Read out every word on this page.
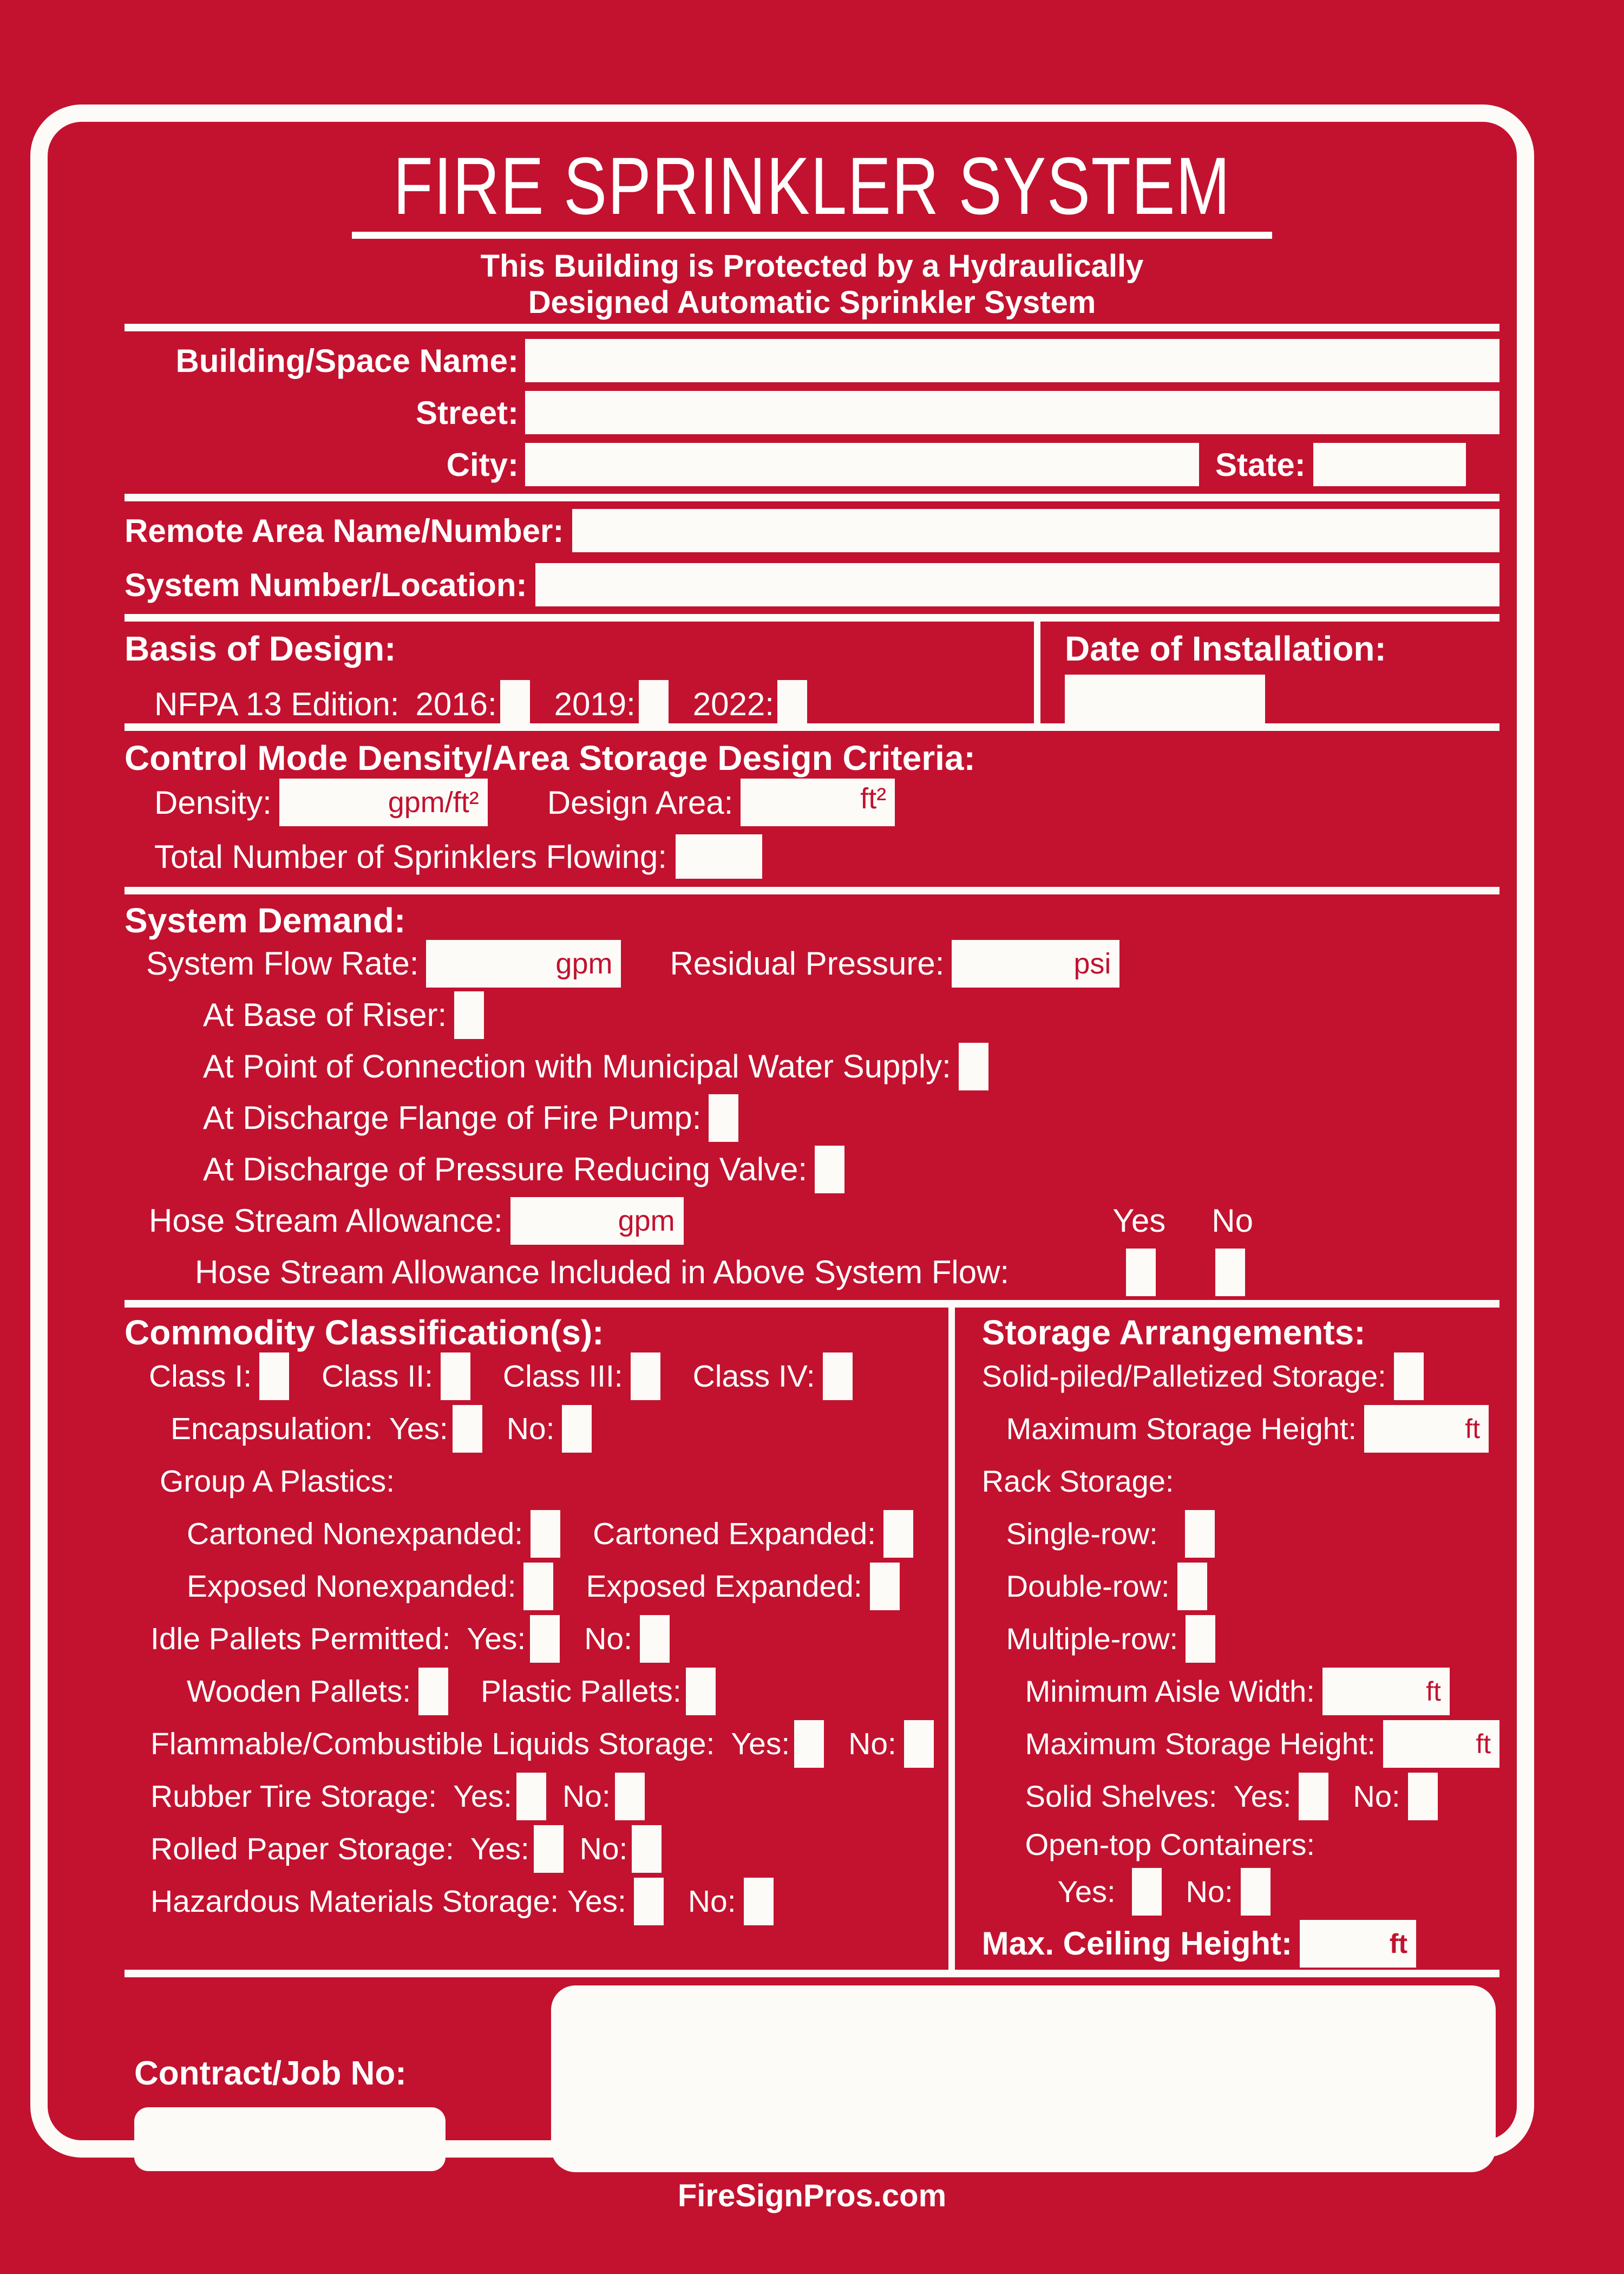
FIRE SPRINKLER SYSTEM
This Building is Protected by a Hydraulically
Designed Automatic Sprinkler System
Building/Space Name:
Street:
City:	State:
Remote Area Name/Number:
System Number/Location:
Basis of Design:
NFPA 13 Edition: 2016: 2019: 2022:
Date of Installation:
Control Mode Density/Area Storage Design Criteria:
Density:	gpm/ft² Design Area:	ft²
Total Number of Sprinklers Flowing:
System Demand:
System Flow Rate:	gpm Residual Pressure:	psi
At Base of Riser:
At Point of Connection with Municipal Water Supply:
At Discharge Flange of Fire Pump:
At Discharge of Pressure Reducing Valve:
Hose Stream Allowance:	gpm	Yes No
Hose Stream Allowance Included in Above System Flow:
Commodity Classification(s):
Class I: Class II: Class III: Class IV:
Encapsulation: Yes: No:
Group A Plastics:
Cartoned Nonexpanded: Cartoned Expanded:
Exposed Nonexpanded: Exposed Expanded:
Idle Pallets Permitted: Yes: No:
Wooden Pallets: Plastic Pallets:
Flammable/Combustible Liquids Storage: Yes: No:
Rubber Tire Storage: Yes: No:
Rolled Paper Storage: Yes: No:
Hazardous Materials Storage: Yes: No:
Storage Arrangements:
Solid-piled/Palletized Storage:
Maximum Storage Height:	ft
Rack Storage:
Single-row:
Double-row:
Multiple-row:
Minimum Aisle Width:	ft
Maximum Storage Height:	ft
Solid Shelves: Yes: No:
Open-top Containers:
Yes: No:
Max. Ceiling Height:	ft
Contract/Job No:
FireSignPros.com
